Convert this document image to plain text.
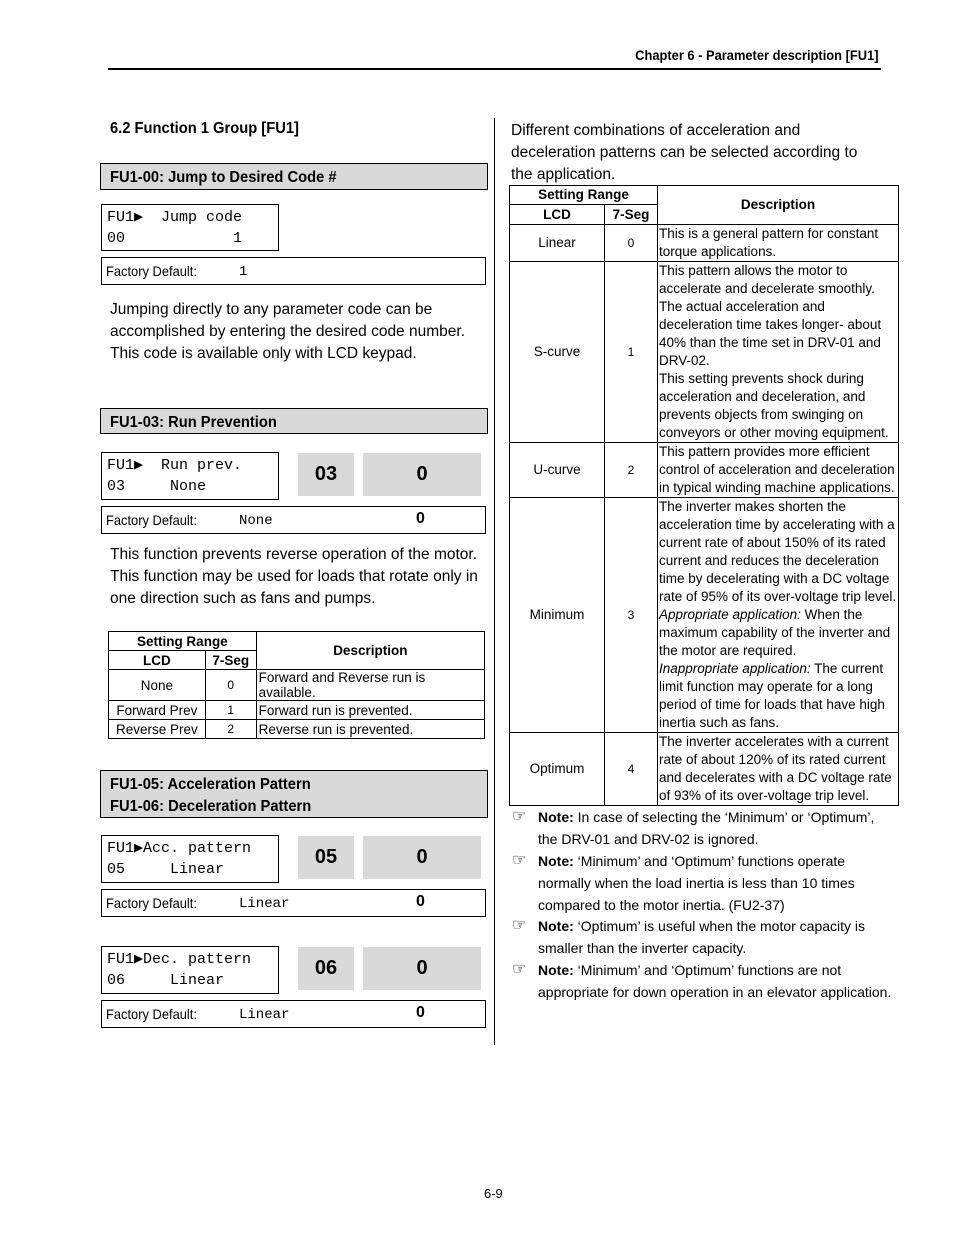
Chapter 6 - Parameter description [FU1]
6.2 Function 1 Group [FU1]
FU1-00: Jump to Desired Code #
FU1▶  Jump code
00            1
Factory Default:	1
Jumping directly to any parameter code can be accomplished by entering the desired code number. This code is available only with LCD keypad.
FU1-03: Run Prevention
FU1▶  Run prev.
03     None
03	0
Factory Default:	None	0
This function prevents reverse operation of the motor. This function may be used for loads that rotate only in one direction such as fans and pumps.
Setting Range		Description
LCD	7-Seg	
None	0	Forward and Reverse run is available.
Forward Prev	1	Forward run is prevented.
Reverse Prev	2	Reverse run is prevented.
FU1-05: Acceleration Pattern
FU1-06: Deceleration Pattern
FU1▶Acc. pattern
05     Linear
05	0
Factory Default:	Linear	0
FU1▶Dec. pattern
06     Linear
06	0
Factory Default:	Linear	0
Different combinations of acceleration and deceleration patterns can be selected according to the application.
Setting Range		Description
LCD	7-Seg	
Linear	0	This is a general pattern for constant torque applications.
S-curve	1	This pattern allows the motor to accelerate and decelerate smoothly. The actual acceleration and deceleration time takes longer- about 40% than the time set in DRV-01 and DRV-02.
This setting prevents shock during acceleration and deceleration, and prevents objects from swinging on conveyors or other moving equipment.

U-curve	2	This pattern provides more efficient control of acceleration and deceleration in typical winding machine applications.
Minimum	3	The inverter makes shorten the acceleration time by accelerating with a current rate of about 150% of its rated current and reduces the deceleration time by decelerating with a DC voltage rate of 95% of its over-voltage trip level.
Appropriate application: When the maximum capability of the inverter and the motor are required.
Inappropriate application: The current limit function may operate for a long period of time for loads that have high inertia such as fans.

Optimum	4	The inverter accelerates with a current rate of about 120% of its rated current and decelerates with a DC voltage rate of 93% of its over-voltage trip level.
☞ Note: In case of selecting the ‘Minimum’ or ‘Optimum’, the DRV-01 and DRV-02 is ignored.
☞ Note: ‘Minimum’ and ‘Optimum’ functions operate normally when the load inertia is less than 10 times compared to the motor inertia. (FU2-37)
☞ Note: ‘Optimum’ is useful when the motor capacity is smaller than the inverter capacity.
☞ Note: ‘Minimum’ and ‘Optimum’ functions are not appropriate for down operation in an elevator application.
6-9
